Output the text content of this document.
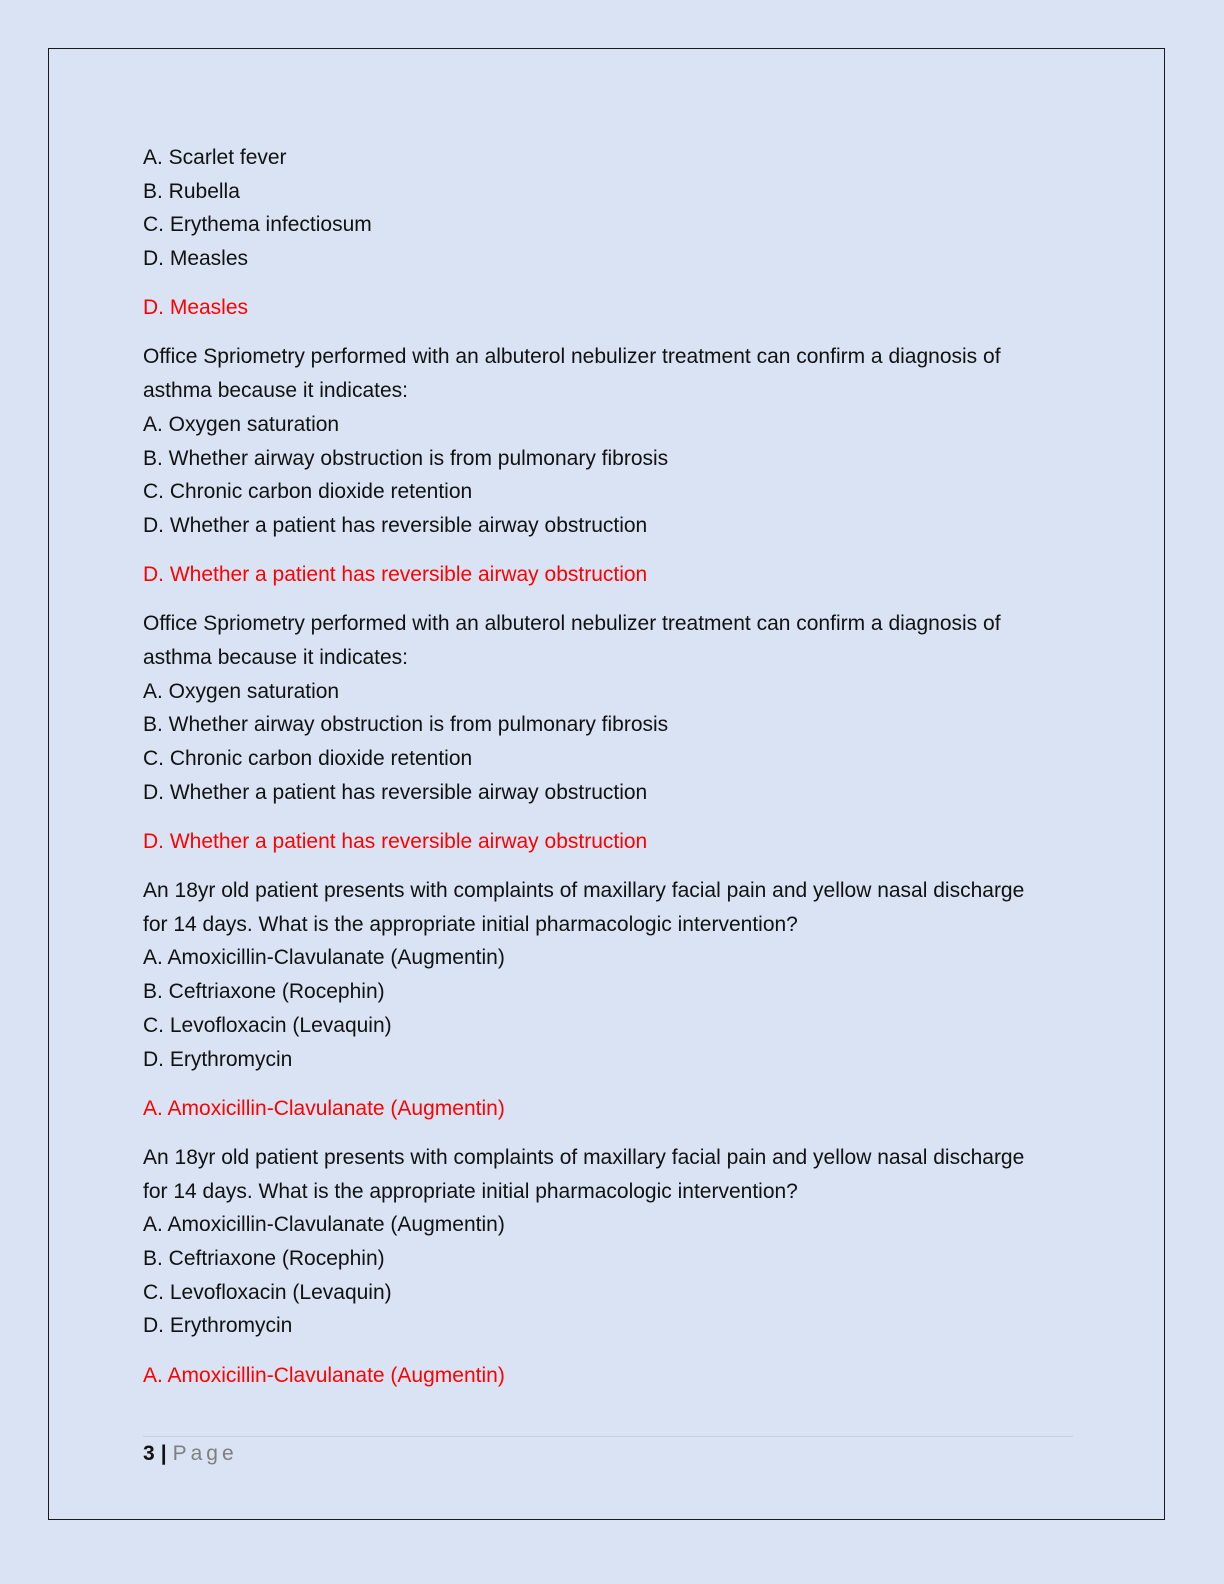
A. Scarlet fever
B. Rubella
C. Erythema infectiosum
D. Measles
D. Measles
Office Spriometry performed with an albuterol nebulizer treatment can confirm a diagnosis of
asthma because it indicates:
A. Oxygen saturation
B. Whether airway obstruction is from pulmonary fibrosis
C. Chronic carbon dioxide retention
D. Whether a patient has reversible airway obstruction
D. Whether a patient has reversible airway obstruction
Office Spriometry performed with an albuterol nebulizer treatment can confirm a diagnosis of
asthma because it indicates:
A. Oxygen saturation
B. Whether airway obstruction is from pulmonary fibrosis
C. Chronic carbon dioxide retention
D. Whether a patient has reversible airway obstruction
D. Whether a patient has reversible airway obstruction
An 18yr old patient presents with complaints of maxillary facial pain and yellow nasal discharge
for 14 days. What is the appropriate initial pharmacologic intervention?
A. Amoxicillin-Clavulanate (Augmentin)
B. Ceftriaxone (Rocephin)
C. Levofloxacin (Levaquin)
D. Erythromycin
A. Amoxicillin-Clavulanate (Augmentin)
An 18yr old patient presents with complaints of maxillary facial pain and yellow nasal discharge
for 14 days. What is the appropriate initial pharmacologic intervention?
A. Amoxicillin-Clavulanate (Augmentin)
B. Ceftriaxone (Rocephin)
C. Levofloxacin (Levaquin)
D. Erythromycin
A. Amoxicillin-Clavulanate (Augmentin)
3 | Page
